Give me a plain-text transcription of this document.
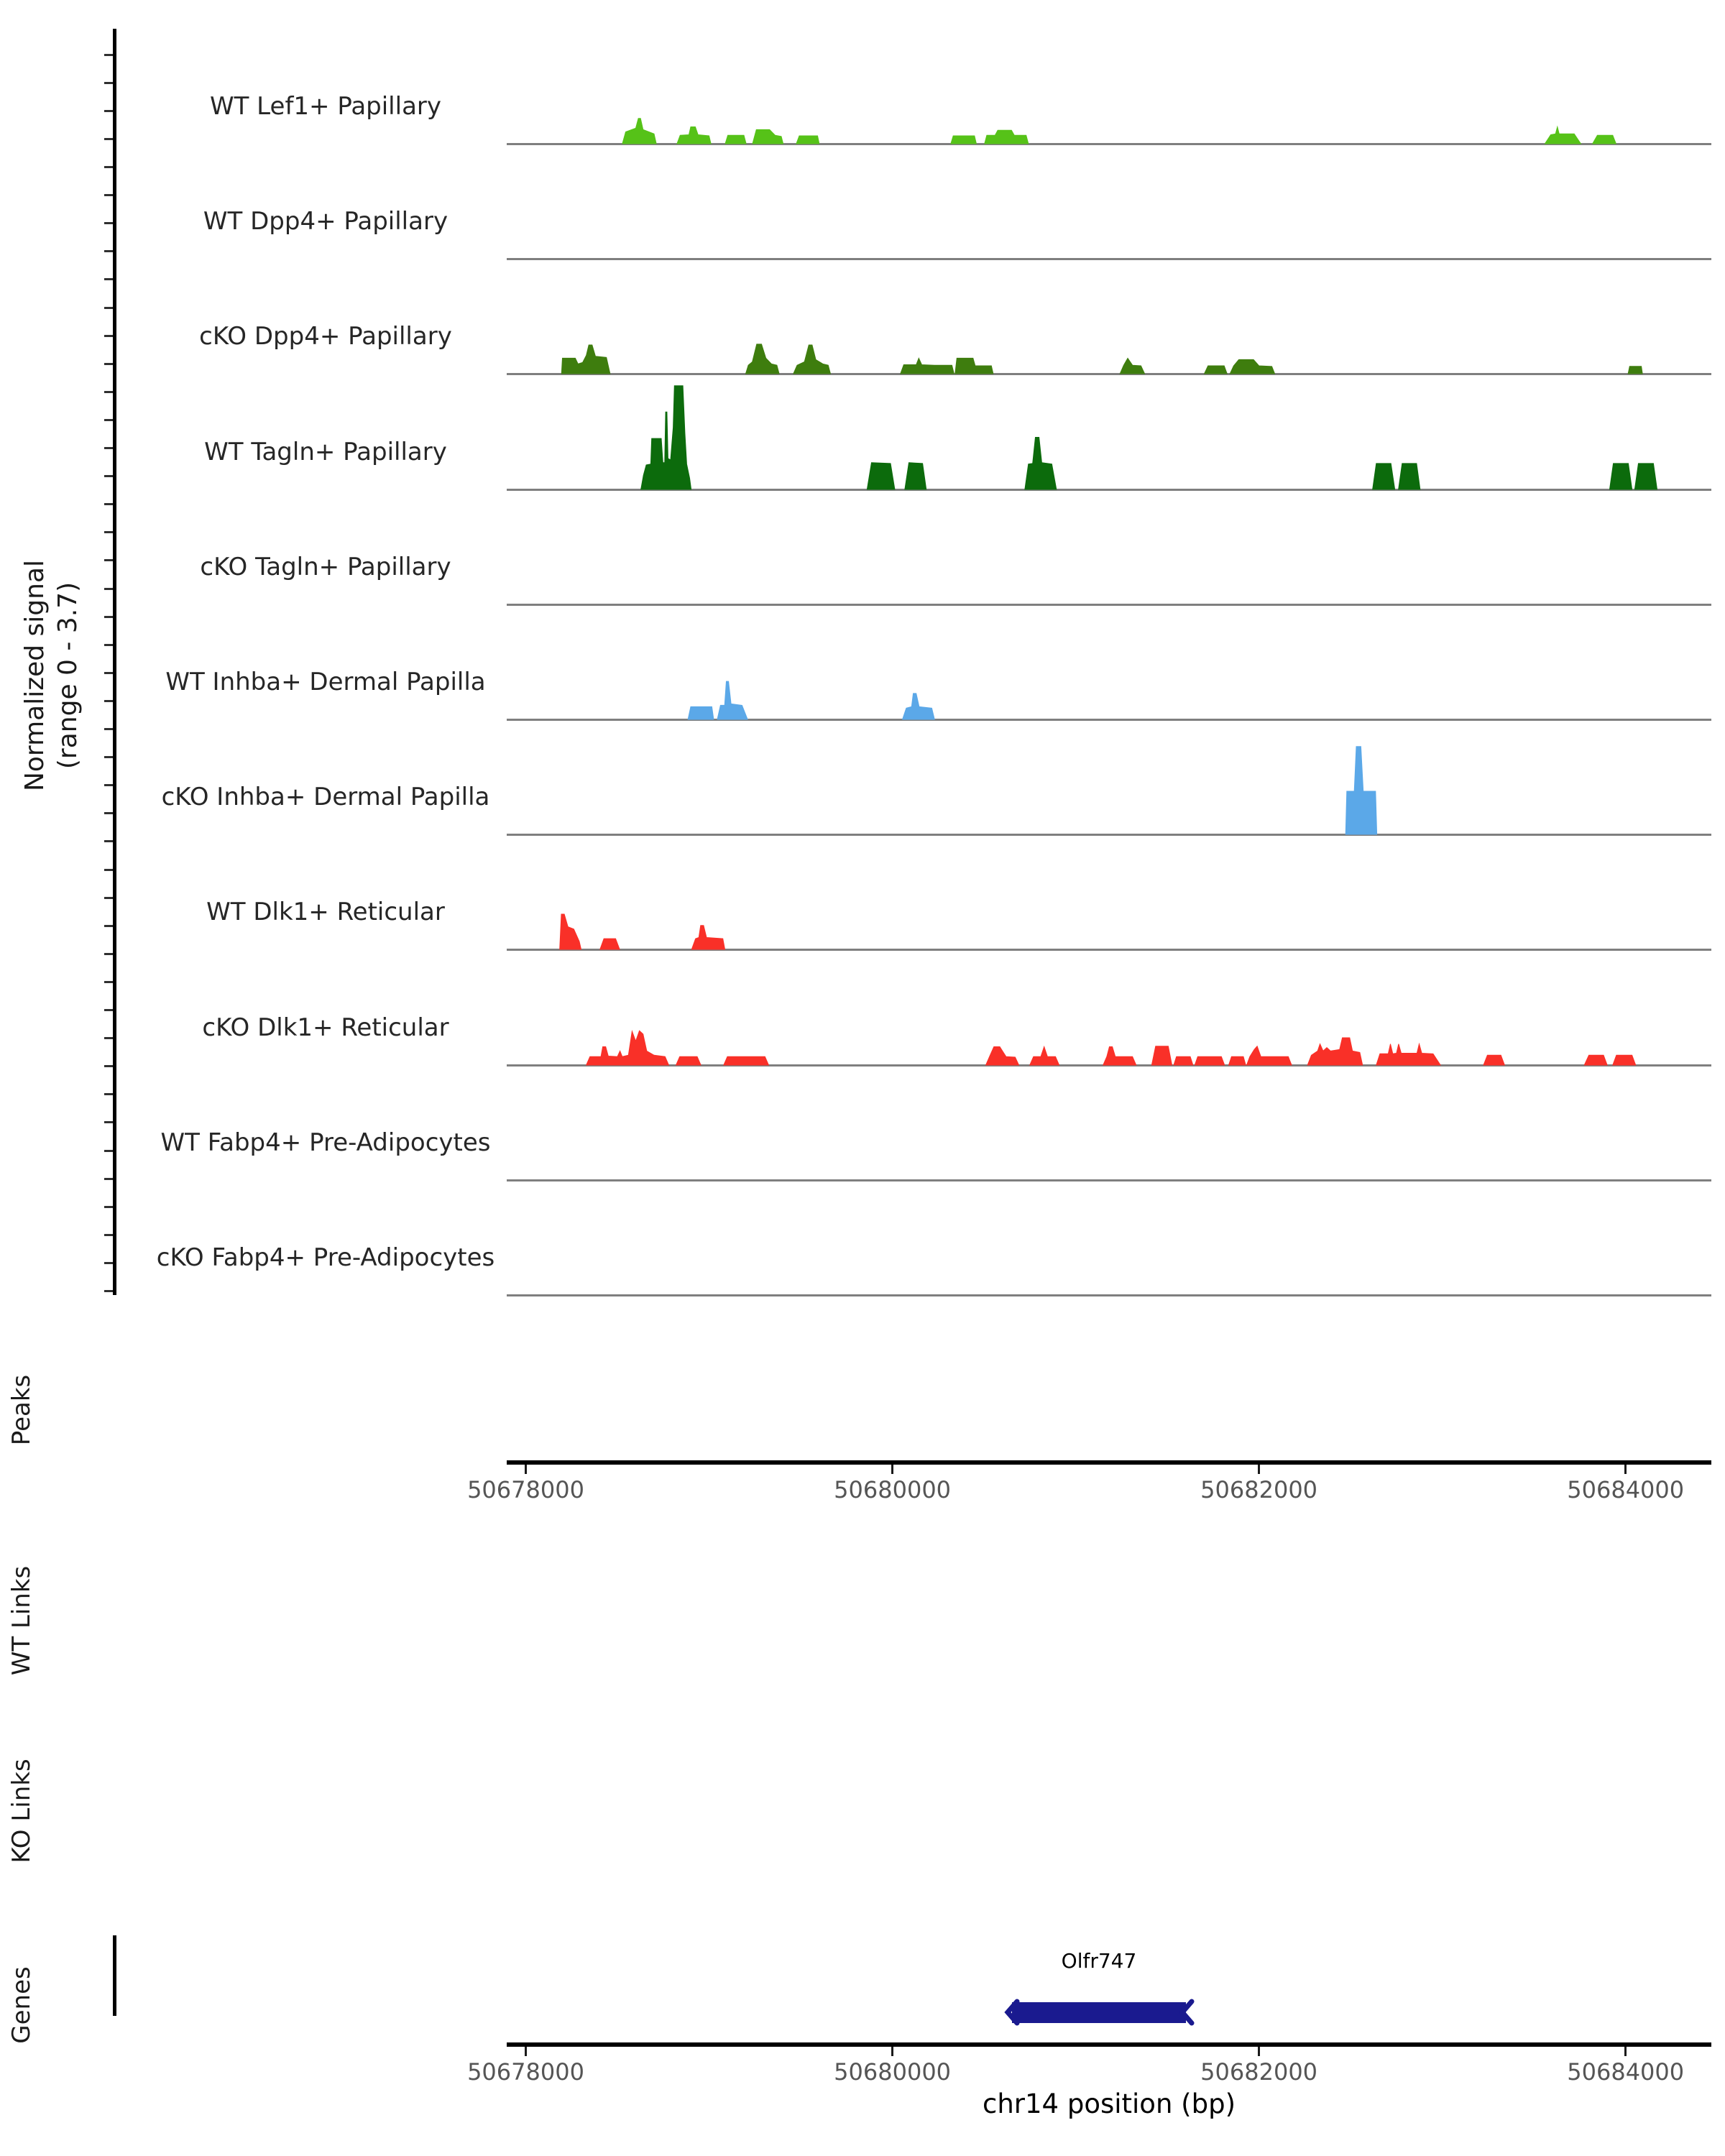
Normalized signal (range 0 - 3.7)
WT Lef1+ Papillary
WT Dpp4+ Papillary
cKO Dpp4+ Papillary
WT Tagln+ Papillary
cKO Tagln+ Papillary
WT Inhba+ Dermal Papilla
cKO Inhba+ Dermal Papilla
WT Dlk1+ Reticular
cKO Dlk1+ Reticular
WT Fabp4+ Pre-Adipocytes
cKO Fabp4+ Pre-Adipocytes
Peaks
WT Links
KO Links
Genes
50678000	50680000	50682000	50684000
Olfr747
50678000	50680000	50682000	50684000
chr14 position (bp)
